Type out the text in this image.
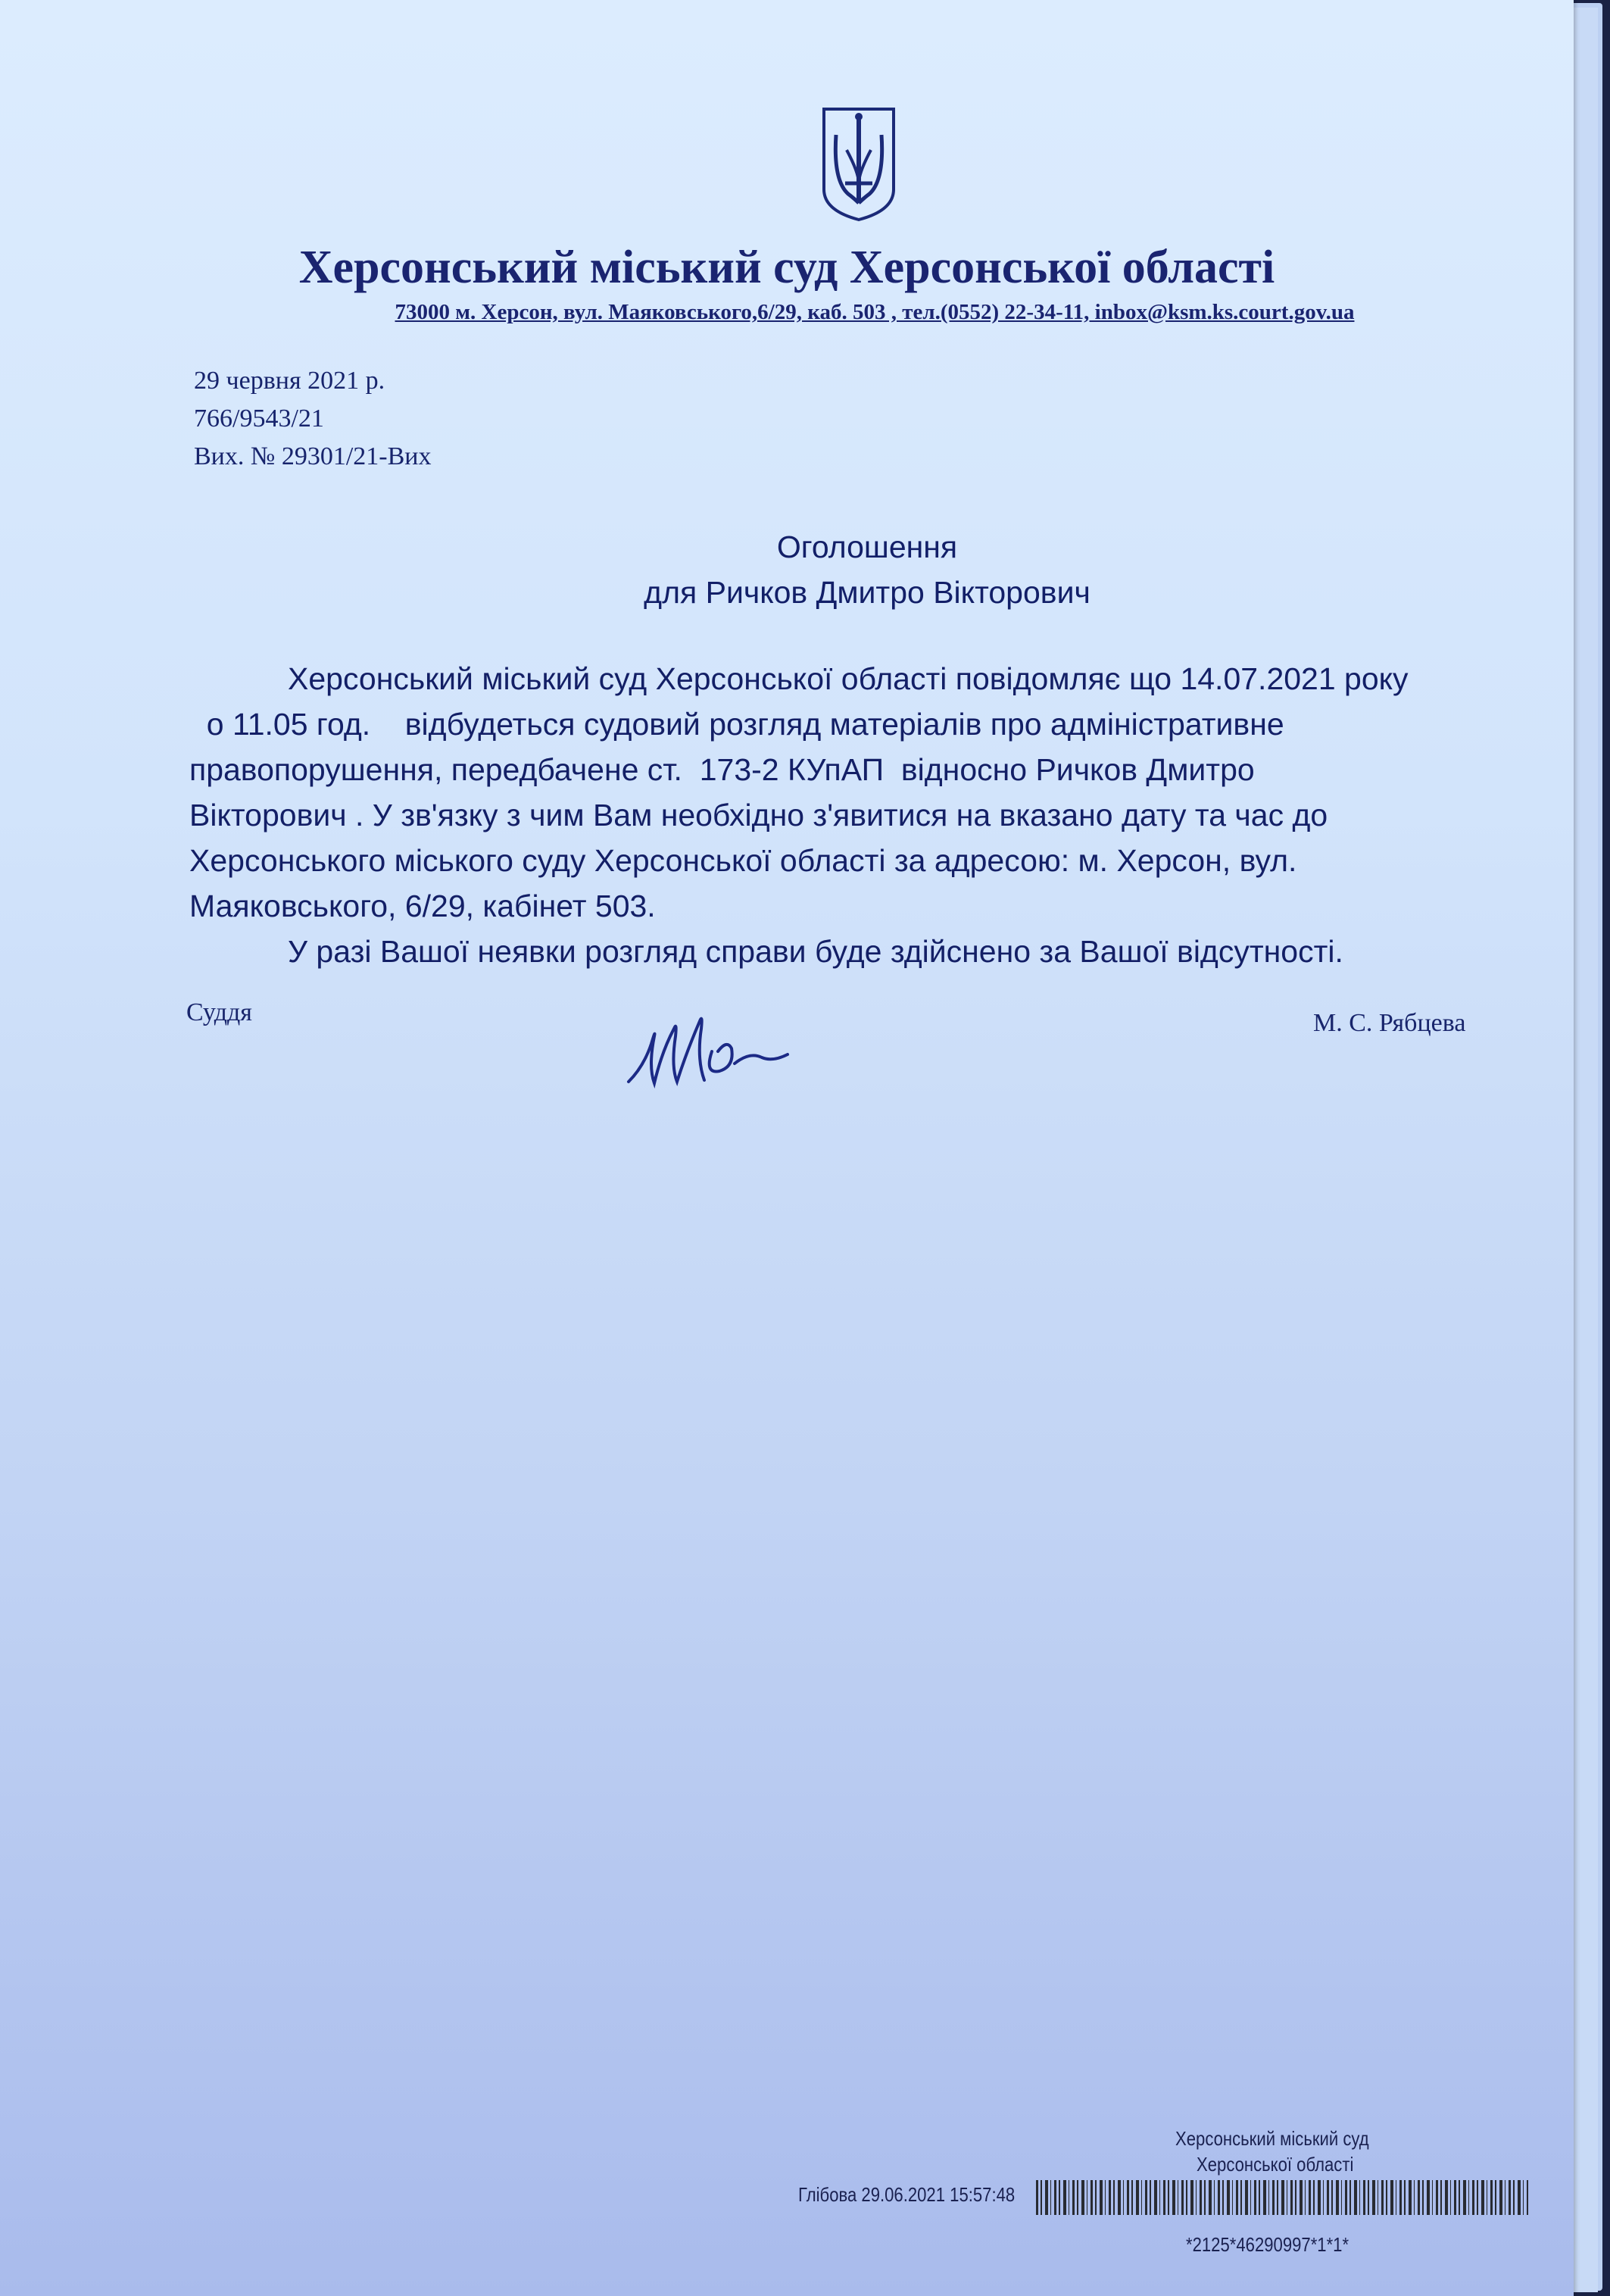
Херсонський міський суд Херсонської області
73000 м. Херсон, вул. Маяковського,6/29, каб. 503 , тел.(0552) 22-34-11, inbox@ksm.ks.court.gov.ua
29 червня 2021 р.
766/9543/21
Вих. № 29301/21-Вих
Оголошення
для Ричков Дмитро Вікторович
Херсонський міський суд Херсонської області повідомляє що 14.07.2021 року
о 11.05 год.    відбудеться судовий розгляд матеріалів про адміністративне
правопорушення, передбачене ст.  173-2 КУпАП  відносно Ричков Дмитро
Вікторович . У зв'язку з чим Вам необхідно з'явитися на вказано дату та час до
Херсонського міського суду Херсонської області за адресою: м. Херсон, вул.
Маяковського, 6/29, кабінет 503.
У разі Вашої неявки розгляд справи буде здійснено за Вашої відсутності.
Суддя	М. С. Рябцева
Херсонський міський суд
Херсонської області
Глібова 29.06.2021 15:57:48
*2125*46290997*1*1*
